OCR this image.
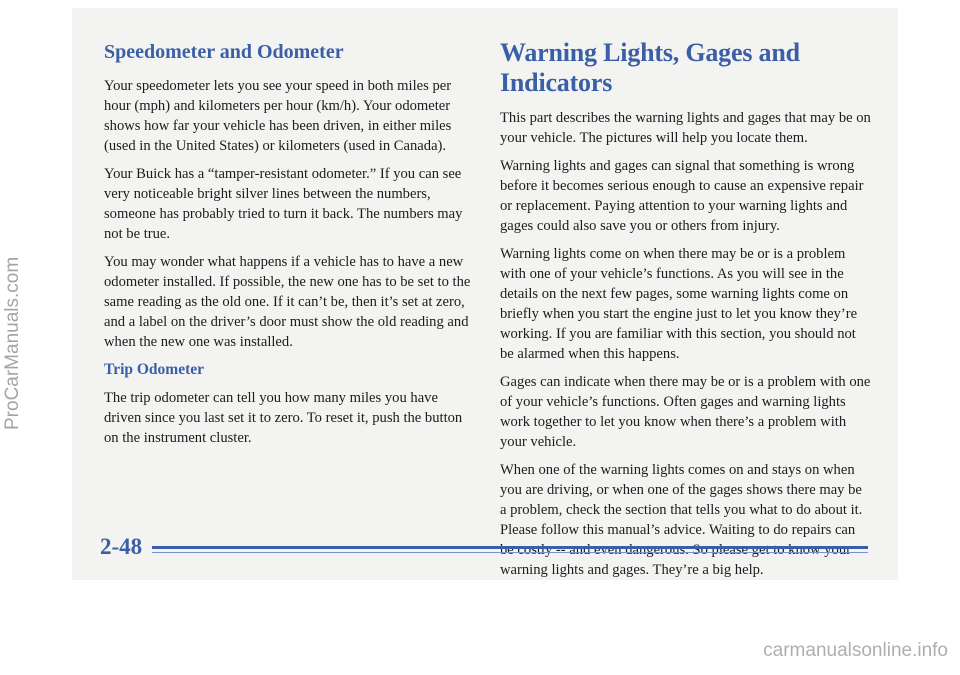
Speedometer and Odometer

Your speedometer lets you see your speed in both miles per hour (mph) and kilometers per hour (km/h). Your odometer shows how far your vehicle has been driven, in either miles (used in the United States) or kilometers (used in Canada).

Your Buick has a “tamper-resistant odometer.” If you can see very noticeable bright silver lines between the numbers, someone has probably tried to turn it back. The numbers may not be true.

You may wonder what happens if a vehicle has to have a new odometer installed. If possible, the new one has to be set to the same reading as the old one. If it can’t be, then it’s set at zero, and a label on the driver’s door must show the old reading and when the new one was installed.

Trip Odometer

The trip odometer can tell you how many miles you have driven since you last set it to zero. To reset it, push the button on the instrument cluster.

Warning Lights, Gages and Indicators

This part describes the warning lights and gages that may be on your vehicle. The pictures will help you locate them.

Warning lights and gages can signal that something is wrong before it becomes serious enough to cause an expensive repair or replacement. Paying attention to your warning lights and gages could also save you or others from injury.

Warning lights come on when there may be or is a problem with one of your vehicle’s functions. As you will see in the details on the next few pages, some warning lights come on briefly when you start the engine just to let you know they’re working. If you are familiar with this section, you should not be alarmed when this happens.

Gages can indicate when there may be or is a problem with one of your vehicle’s functions. Often gages and warning lights work together to let you know when there’s a problem with your vehicle.

When one of the warning lights comes on and stays on when you are driving, or when one of the gages shows there may be a problem, check the section that tells you what to do about it. Please follow this manual’s advice. Waiting to do repairs can be costly -- and even dangerous. So please get to know your warning lights and gages. They’re a big help.

2-48
ProCarManuals.com
carmanualsonline.info
